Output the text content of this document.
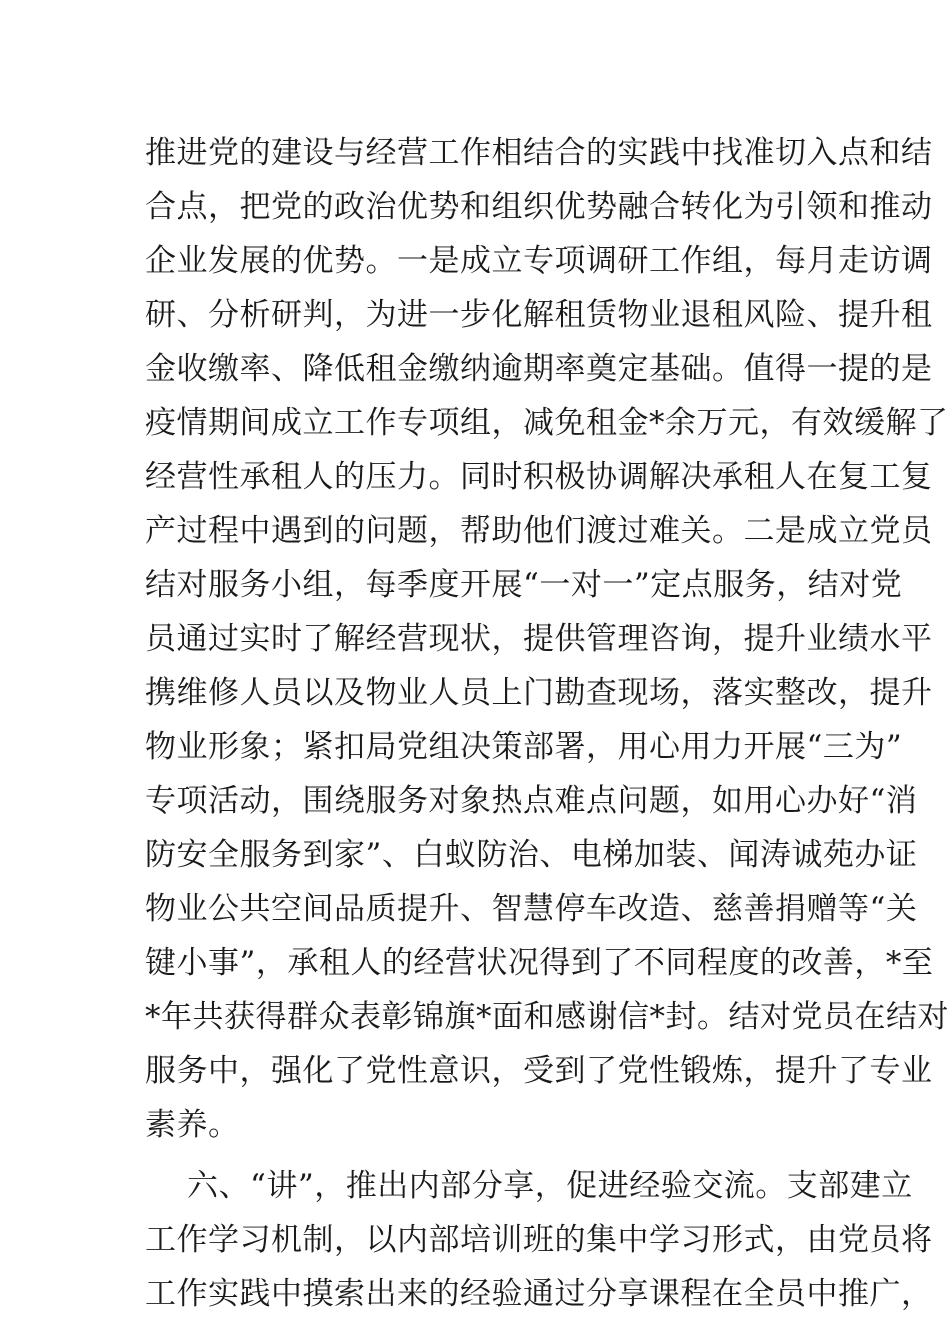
推进党的建设与经营工作相结合的实践中找准切入点和结
合点，把党的政治优势和组织优势融合转化为引领和推动
企业发展的优势。一是成立专项调研工作组，每月走访调
研、分析研判，为进一步化解租赁物业退租风险、提升租
金收缴率、降低租金缴纳逾期率奠定基础。值得一提的是
疫情期间成立工作专项组，减免租金*余万元，有效缓解了
经营性承租人的压力。同时积极协调解决承租人在复工复
产过程中遇到的问题，帮助他们渡过难关。二是成立党员
结对服务小组，每季度开展“一对一”定点服务，结对党
员通过实时了解经营现状，提供管理咨询，提升业绩水平
携维修人员以及物业人员上门勘查现场，落实整改，提升
物业形象；紧扣局党组决策部署，用心用力开展“三为”
专项活动，围绕服务对象热点难点问题，如用心办好“消
防安全服务到家”、白蚁防治、电梯加装、闻涛诚苑办证
物业公共空间品质提升、智慧停车改造、慈善捐赠等“关
键小事”，承租人的经营状况得到了不同程度的改善，*至
*年共获得群众表彰锦旗*面和感谢信*封。结对党员在结对
服务中，强化了党性意识，受到了党性锻炼，提升了专业
素养。
六、“讲”，推出内部分享，促进经验交流。支部建立
工作学习机制，以内部培训班的集中学习形式，由党员将
工作实践中摸索出来的经验通过分享课程在全员中推广，
